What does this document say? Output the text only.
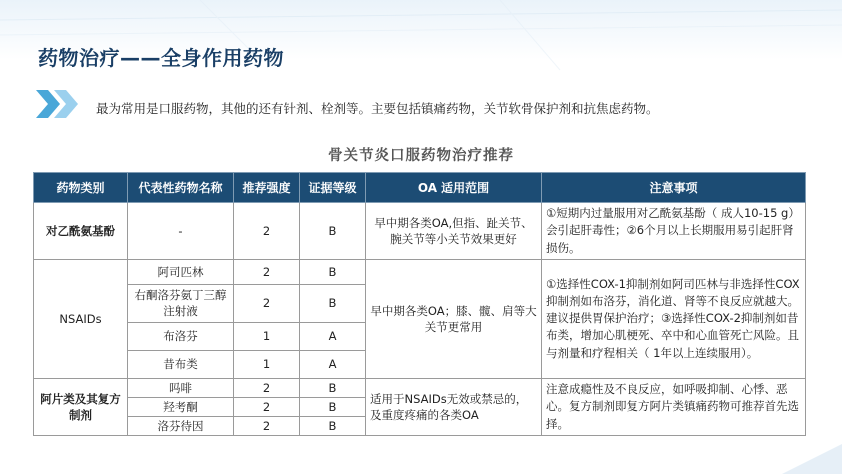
药物治疗——全身作用药物
最为常用是口服药物，其他的还有针剂、栓剂等。主要包括镇痛药物，关节软骨保护剂和抗焦虑药物。
骨关节炎口服药物治疗推荐
药物类别	代表性药物名称	推荐强度	证据等级	OA 适用范围	注意事项
对乙酰氨基酚	-	2	B	早中期各类OA,但指、趾关节、腕关节等小关节效果更好	①短期内过量服用对乙酰氨基酚（ 成人10-15 g）会引起肝毒性；②6个月以上长期服用易引起肝肾损伤。
NSAIDs	阿司匹林	2	B	早中期各类OA；膝、髋、肩等大关节更常用	①选择性COX-1抑制剂如阿司匹林与非选择性COX抑制剂如布洛芬，消化道、肾等不良反应就越大。建议提供胃保护治疗；③选择性COX-2抑制剂如昔布类，增加心肌梗死、卒中和心血管死亡风险。且与剂量和疗程相关（ 1年以上连续服用）。
	右酮洛芬氨丁三醇注射液	2	B		
	布洛芬	1	A		
	昔布类	1	A		
阿片类及其复方制剂	吗啡	2	B	适用于NSAIDs无效或禁忌的，及重度疼痛的各类OA	注意成瘾性及不良反应，如呼吸抑制、心悸、恶心。复方制剂即复方阿片类镇痛药物可推荐首先选择。
	羟考酮	2	B		
	洛芬待因	2	B		
